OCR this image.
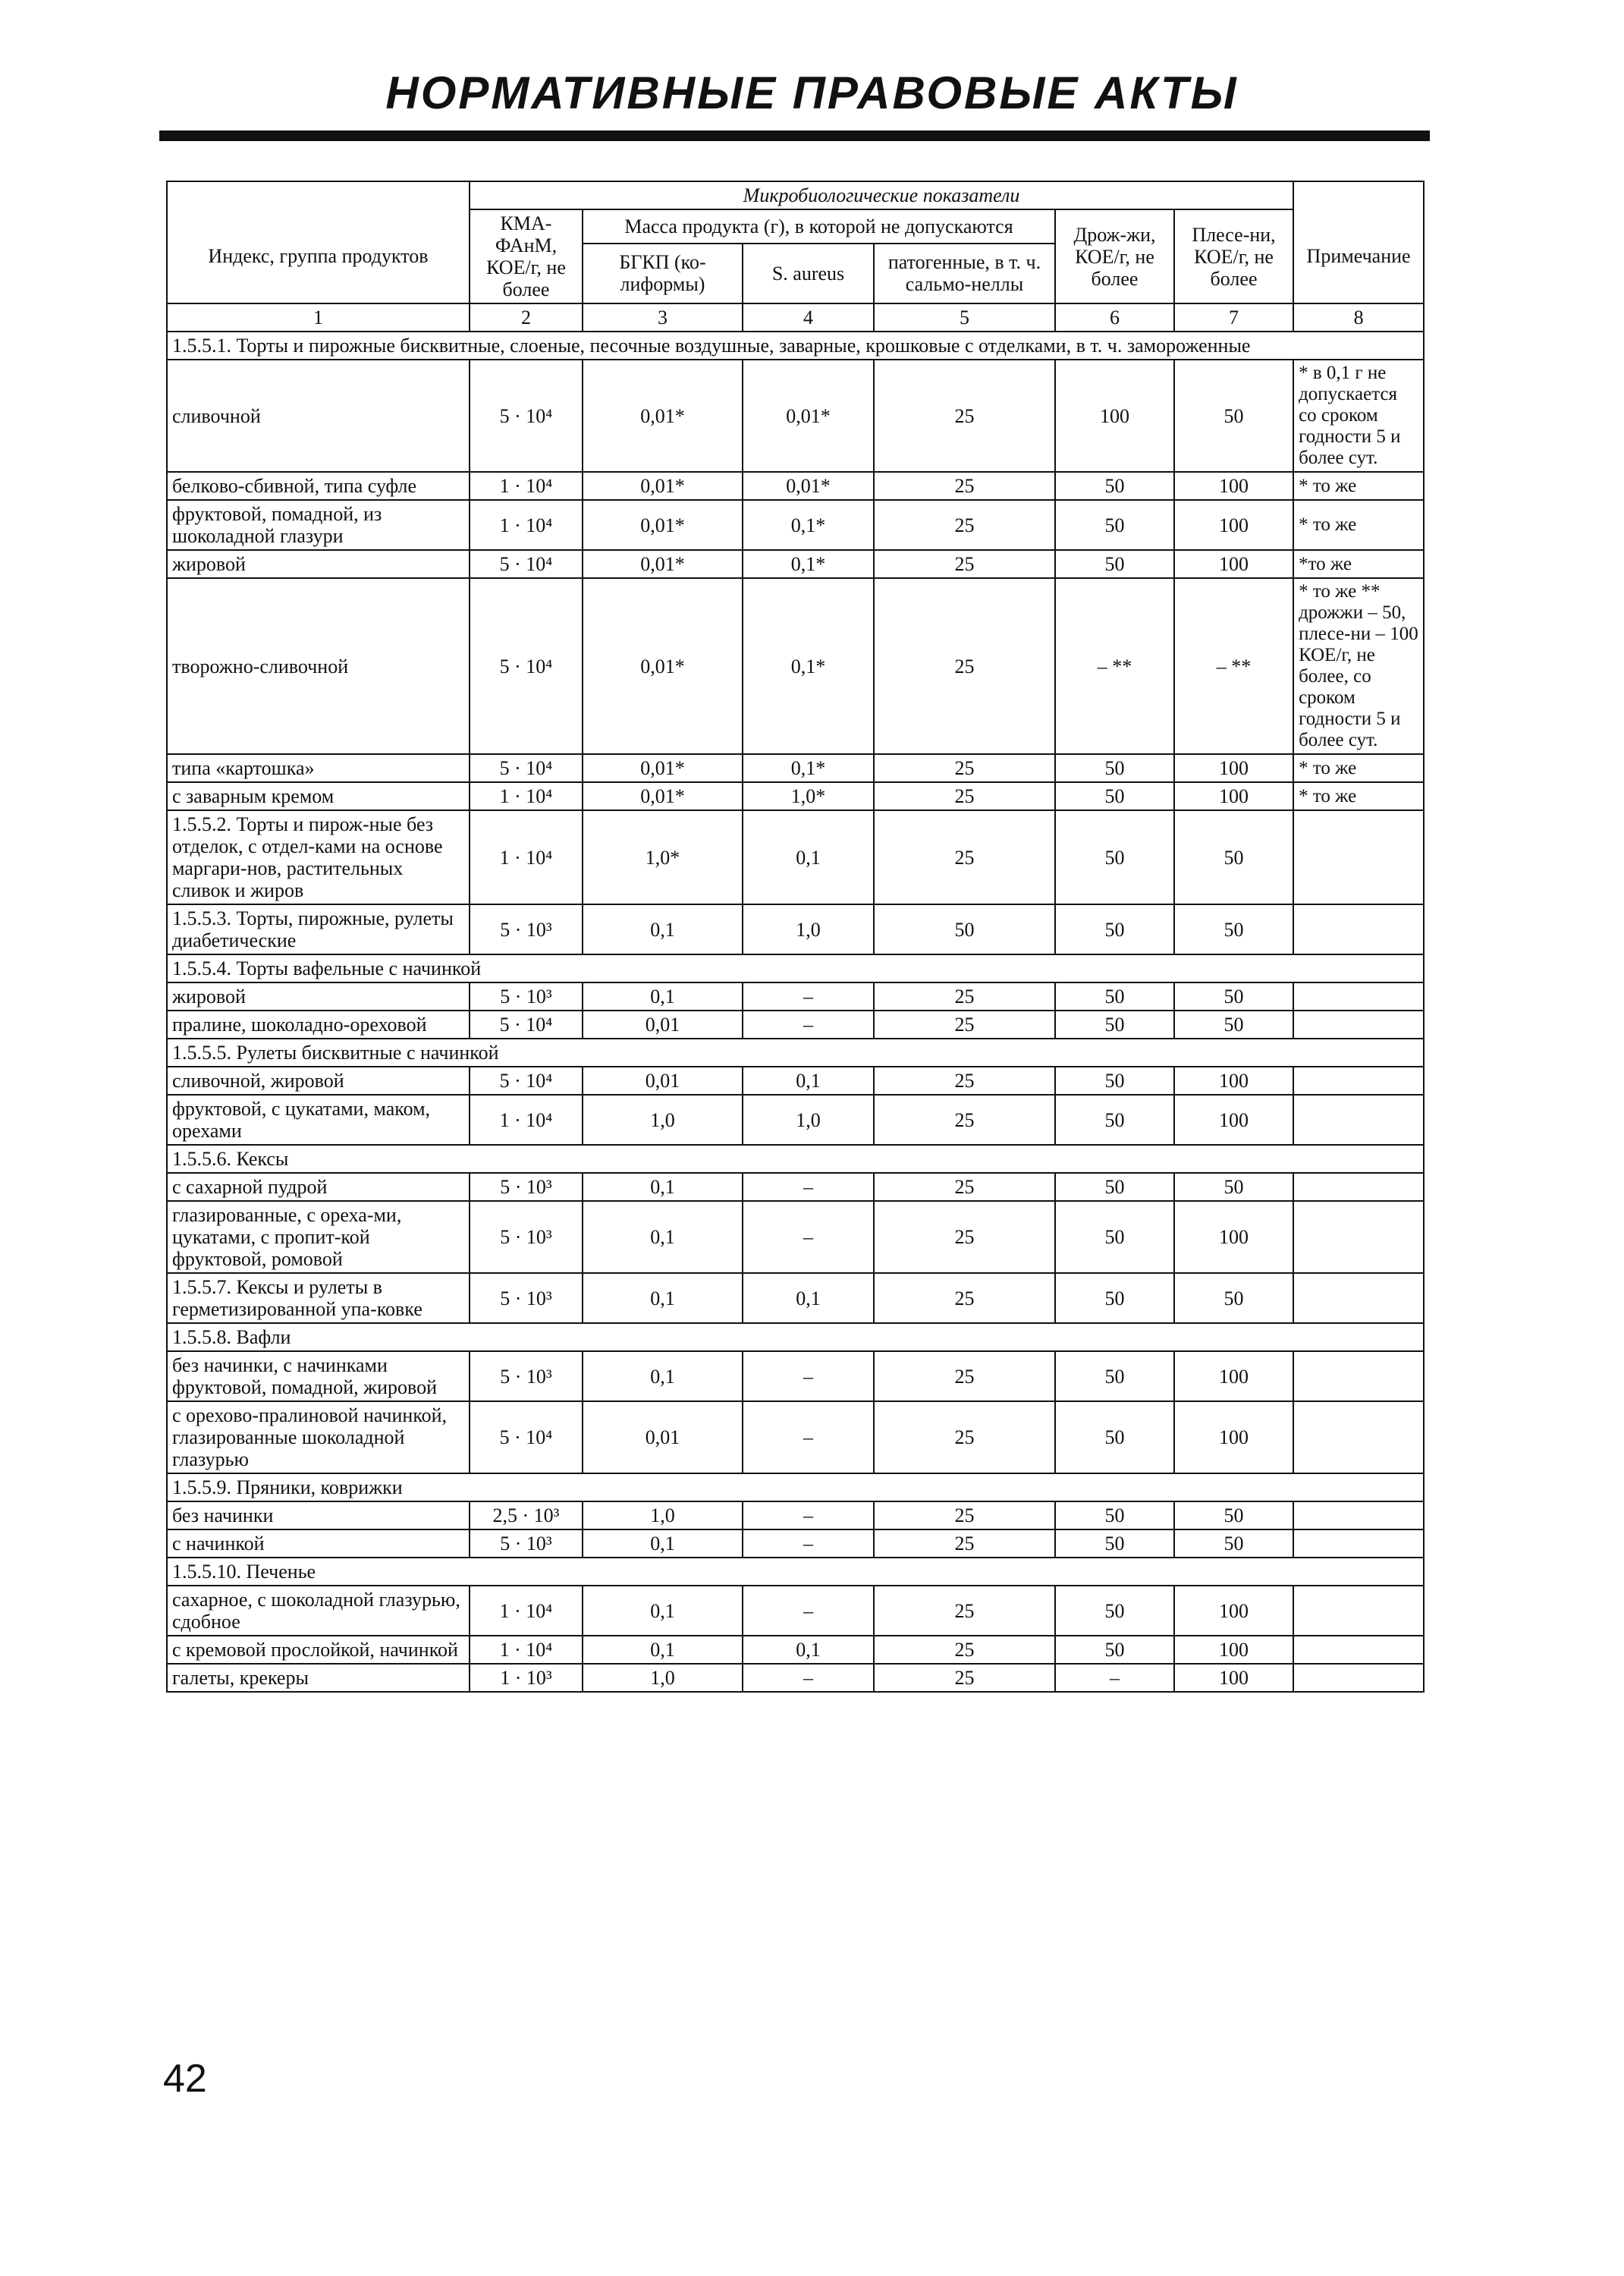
НОРМАТИВНЫЕ ПРАВОВЫЕ АКТЫ
	Микробиологические показатели						
Индекс, группа продуктов	КМА-ФАнМ, КОЕ/г, не более	Масса продукта (г), в которой не допускаются			Дрож-жи, КОЕ/г, не более	Плесе-ни, КОЕ/г, не более	Примечание
		БГКП (ко-лиформы)	S. aureus	патогенные, в т. ч. сальмо-неллы			
1	2	3	4	5	6	7	8
1.5.5.1. Торты и пирожные бисквитные, слоеные, песочные воздушные, заварные, крошковые с отделками, в т. ч. замороженные							
сливочной	5 · 10⁴	0,01*	0,01*	25	100	50	* в 0,1 г не допускается со сроком годности 5 и более сут.
белково-сбивной, типа суфле	1 · 10⁴	0,01*	0,01*	25	50	100	* то же
фруктовой, помадной, из шоколадной глазури	1 · 10⁴	0,01*	0,1*	25	50	100	* то же
жировой	5 · 10⁴	0,01*	0,1*	25	50	100	*то же
творожно-сливочной	5 · 10⁴	0,01*	0,1*	25	– **	– **	* то же ** дрожжи – 50, плесе-ни – 100 КОЕ/г, не более, со сроком годности 5 и более сут.
типа «картошка»	5 · 10⁴	0,01*	0,1*	25	50	100	* то же
с заварным кремом	1 · 10⁴	0,01*	1,0*	25	50	100	* то же
1.5.5.2. Торты и пирож-ные без отделок, с отдел-ками на основе маргари-нов, растительных сливок и жиров	1 · 10⁴	1,0*	0,1	25	50	50	
1.5.5.3. Торты, пирожные, рулеты диабетические	5 · 10³	0,1	1,0	50	50	50	
1.5.5.4. Торты вафельные с начинкой							
жировой	5 · 10³	0,1	–	25	50	50	
пралине, шоколадно-ореховой	5 · 10⁴	0,01	–	25	50	50	
1.5.5.5. Рулеты бисквитные с начинкой							
сливочной, жировой	5 · 10⁴	0,01	0,1	25	50	100	
фруктовой, с цукатами, маком, орехами	1 · 10⁴	1,0	1,0	25	50	100	
1.5.5.6. Кексы							
с сахарной пудрой	5 · 10³	0,1	–	25	50	50	
глазированные, с ореха-ми, цукатами, с пропит-кой фруктовой, ромовой	5 · 10³	0,1	–	25	50	100	
1.5.5.7. Кексы и рулеты в герметизированной упа-ковке	5 · 10³	0,1	0,1	25	50	50	
1.5.5.8. Вафли							
без начинки, с начинками фруктовой, помадной, жировой	5 · 10³	0,1	–	25	50	100	
с орехово-пралиновой начинкой, глазированные шоколадной глазурью	5 · 10⁴	0,01	–	25	50	100	
1.5.5.9. Пряники, коврижки							
без начинки	2,5 · 10³	1,0	–	25	50	50	
с начинкой	5 · 10³	0,1	–	25	50	50	
1.5.5.10. Печенье							
сахарное, с шоколадной глазурью, сдобное	1 · 10⁴	0,1	–	25	50	100	
с кремовой прослойкой, начинкой	1 · 10⁴	0,1	0,1	25	50	100	
галеты, крекеры	1 · 10³	1,0	–	25	–	100	
42
